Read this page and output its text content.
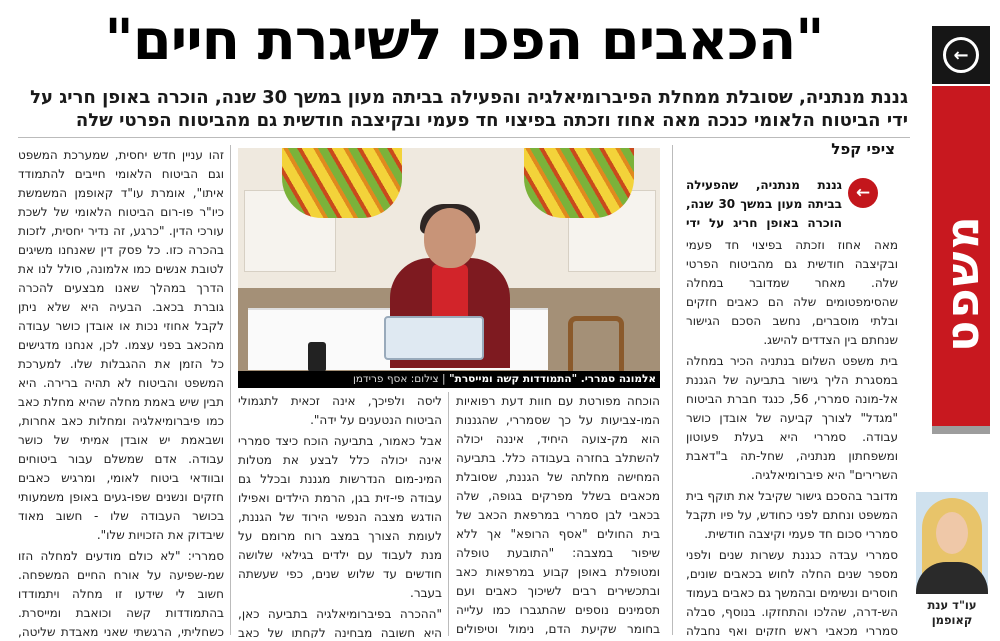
"הכאבים הפכו לשיגרת חיים"
גננת מנתניה, שסובלת ממחלת הפיברומיאלגיה והפעילה בביתה מעון במשך 30 שנה, הוכרה באופן חריג על ידי הביטוח הלאומי כנכה מאה אחוז וזכתה בפיצוי חד פעמי ובקיצבה חודשית גם מהביטוח הפרטי שלה
ציפי קפל
←
גננת מנתניה, שהפעילה בביתה מעון במשך 30 שנה, הוכרה באופן חריג על ידי

מאה אחוז וזכתה בפיצוי חד פעמי ובקיצבה חודשית גם מהביטוח הפרטי שלה. מאחר שמדובר במחלה שהסימפטומים שלה הם כאבים חזקים ובלתי מוסברים, נחשב הסכם הגישור שנחתם בין הצדדים להישג.

בית משפט השלום בנתניה הכיר במחלה במסגרת הליך גישור בתביעה של הגננת אל-מונה סמררי, 56, כנגד חברת הביטוח "מגדל" לצורך קביעה של אובדן כושר עבודה. סמררי היא בעלת פעוטון ומשפחתון מנתניה, שחל-תה ב"דאבת השרירים" היא פיברומיאלגיה.

מדובר בהסכם גישור שקיבל את תוקף בית המשפט ונחתם לפני כחודש, על פיו תקבל סמררי סכום חד פעמי וקיצבה חודשית.

סמררי עבדה כגננת עשרות שנים ולפני מספר שנים החלה לחוש בכאבים שונים, חוסרים ונשימים ובהמשך גם כאבים בעמוד הש-דרה, שהלכו והתחזקו. בנוסף, סבלה סמררי מכאבי ראש חזקים ואף נחבלה

אלמונה סמררי. "התמודדות קשה ומייסרת" | צילום: אסף פרידמן

הוכחה מפורטת עם חוות דעת רפואיות המו-צביעות על כך שסמררי, שהגננות הוא מק-צועה היחיד, איננה יכולה להשתלב בחזרה בעבודה כלל. בתביעה המחישה מחלתה של הגננת, שסובלת מכאבים בשלל מפרקים בגופה, שלה בכאבי לבן סמררי במרפאת הכאב של בית החולים "אסף הרופא" אך ללא שיפור במצבה: "התובעת טופלה ומטופלת באופן קבוע במרפאות כאב ובתכשירים רבים לשיכוך כאבים ועם תסמינים נוספים שהתגברו כמו עלייה בחומר שקיעת הדם, נימול וטיפולים

ליסה ולפיכך, אינה זכאית לתגמולי הביטוח הנטענים על ידה".

אבל כאמור, בתביעה הוכח כיצד סמררי אינה יכולה כלל לבצע את מטלות המינ-מום הנדרשות מגננת ובכלל גם עבודה פי-זית בגן, הרמת הילדים ואפילו הודגש מצבה הנפשי הירוד של הגננת, לעומת הצורך במצב רוח מרומם על מנת לעבוד עם ילדים בגילאי שלושה חודשים עד שלוש שנים, כפי שעשתה בעבר.

"ההכרה בפיברומיאלגיה בתביעה כאן, היא חשובה מבחינה לקחתו של כאב

זהו עניין חדש יחסית, שמערכת המשפט וגם הביטוח הלאומי חייבים להתמודד איתו", אומרת עו"ד קאופמן המשמשת כיו"ר פו-רום הביטוח הלאומי של לשכת עורכי הדין. "כרגע, זה נדיר יחסית, לזכות בהכרה כזו. כל פסק דין שאנחנו משיגים לטובת אנשים כמו אלמונה, סולל לנו את הדרך במהלך שאנו מבצעים להכרה גוברת בכאב. הבעיה היא שלא ניתן לקבל אחוזי נכות או אובדן כושר עבודה מהכאב בפני עצמו. לכן, אנחנו מדגישים כל הזמן את ההגבלות שלו. למערכת המשפט והביטוח לא תהיה ברירה. היא תבין שיש באמת מחלה שהיא מחלת כאב כמו פיברומיאלגיה ומחלות כאב אחרות, ושבאמת יש אובדן אמיתי של כושר עבודה. אדם שמשלם עבור ביטוחים ובוודאי ביטוח לאומי, ומרגיש כאבים חזקים ונשנים שפו-געים באופן משמעותי בכושר העבודה שלו - חשוב מאוד שיבדוק את הזכויות שלו".

סמררי: "לא כולם מודעים למחלה הזו שמ-שפיעה על אורח החיים המשפחה. חשוב לי שידעו זו מחלה ויתמודדו בהתמודדות קשה וכואבת ומייסרת. כשחליתי, הרגשתי שאני מאבדת שליטה,

←
משפט
עו"ד ענת קאופמן
